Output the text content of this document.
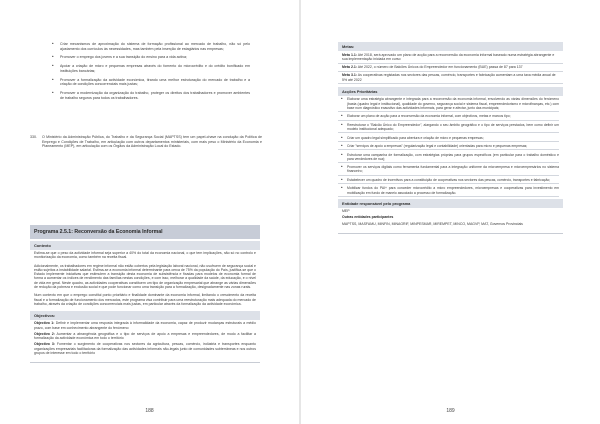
• Criar mecanismos de aproximação do sistema de formação profissional ao mercado de trabalho, não só pelo ajustamento dos currículos às necessidades, mas também pela inserção de estagiários nas empresas;
• Promover o emprego dos jovens e a sua transição do ensino para a vida activa;
• Apoiar a criação de micro e pequenas empresas através do fomento do microcrédito e do crédito bonificado em instituições bancárias;
• Promover a formalização da actividade económica, tirando uma melhor estruturação do mercado de trabalho e a criação de condições concorrenciais mais justas;
• Promover a modernização da organização do trabalho, proteger os direitos dos trabalhadores e promover ambientes de trabalho seguros para todos os trabalhadores.
330. O Ministério da Administração Pública, do Trabalho e da Segurança Social (MAPTSS) tem um papel-chave na condução da Política de Emprego e Condições de Trabalho, em articulação com outros departamentos ministeriais, com mais peso o Ministério da Economia e Planeamento (MEP), em articulação com os Órgãos da Administração Local do Estado.
Programa 2.5.1: Reconversão da Economia Informal
Contexto

Estima-se que o peso da actividade informal seja superior a 40% do total da economia nacional, o que tem implicações, não só no controlo e monitorização da economia, como também na receita fiscal.

Adicionalmente, os trabalhadores em regime informal não estão cobertos pela legislação laboral nacional, não usufruem de segurança social e estão sujeitos a instabilidade salarial. Estima-se a economia informal determinante para cerca de 75% da população do País, justifica-se que o Estado implemente iniciativas que estimulem a transição desta economia de subsistência e fixadas para modelos de economia formal de forma a aumentar os índices de rendimento das famílias nestas condições, e com isso, melhorar a qualidade da saúde, da educação, e o nível de vida em geral. Neste quadro, as actividades cooperativas constituem um tipo de organização empresarial que abrange as várias dimensões de redução da pobreza e exclusão social e que pode funcionar como uma transição para a formalização, designadamente nas zonas rurais.

Num contexto em que o emprego constitui ponto prioritário e finalidade dominante da economia informal, limitando o crescimento da receita fiscal e a formalização de funcionamento dos mercados, este programa visa contribuir para uma reestruturação mais adequada do mercado de trabalho, através da criação de condições concorrenciais mais justas, em particular através da formalização da actividade económica.

Objectivos:
Objectivo 1: Definir e implementar uma resposta integrada à informalidade da economia, capaz de produzir mudanças estruturais a médio prazo, com base em conhecimento abrangente do fenómeno
Objectivo 2: Aumentar a abrangência geográfica e o tipo de serviços de apoio a empresas e empreendedores, de modo a facilitar a formalização da actividade económica em todo o território
Objectivo 3: Fomentar o surgimento de cooperativas nos sectores da agricultura, pescas, comércio, indústria e transportes enquanto organizações empresariais facilitadoras da formalização das actividades informais não-legais junto de comunidades subterrâneas e nos outros grupos de interesse em todo o território
188
Metas:
Meta 1.1: Até 2018, será aprovado um plano de acção para a reconversão da economia informal baseado numa estratégia abrangente e sua implementação iniciada em curso
Meta 2.1: Até 2022, o número de Balcões Únicos do Empreendedor em funcionamento (BUE) passa de 87 para 137
Meta 3.1: As cooperativas registadas nos sectores das pescas, comércio, transportes e fabricação aumentam a uma taxa média anual de 5% até 2022
Acções Prioritárias
• Elaborar uma estratégia abrangente e integrada para a reconversão da economia informal, envolvendo as várias dimensões do fenómeno (basta (quadro legal e institucional), qualidade do governo, segurança social e sistema fiscal, empreendedorismo e microfinanças, etc.) com base num diagnóstico exaustivo das actividades informais, para gerar e afectar, junto das municipais;
• Elaborar um plano de acção para a reconversão da economia informal, com objectivos, metas e marcos tipo;
• Reestruturar o "Balcão Único do Empreendedor", alargando o seu âmbito geográfico e o tipo de serviços prestados, bem como definir um modelo institucional adequado;
• Criar um quadro legal simplificado para abertura e criação de micro e pequenas empresas;
• Criar "serviços de apoio a empresas" (regularização legal e contabilidade) orientadas para micro e pequenas empresas;
• Estruturar uma campanha de formalização, com estratégias próprias para grupos específicos (em particular para o trabalho doméstico e para vendedores de rua);
• Promover os serviços digitais como ferramenta fundamental para a integração uniforme da microempresa e microempresários no sistema financeiro;
• Estabelecer um quadro de incentivos para a constituição de cooperativas nos sectores das pescas, comércio, transportes e fabricação;
• Mobilizar fundos do PAI+ para conceder microcrédito a micro empreendedores, microempresas e cooperativas para investimento em mobilização em fundo de maneio associado a processo de formalização.
Entidade responsável pelo programa
MEP
Outras entidades participantes
MAPTSS, MASFAMU, MINFIN, MINAGRIF, MINPESMAR, MIREMPET, MINCO, MAGVP, MAT, Governos Provinciais
189
